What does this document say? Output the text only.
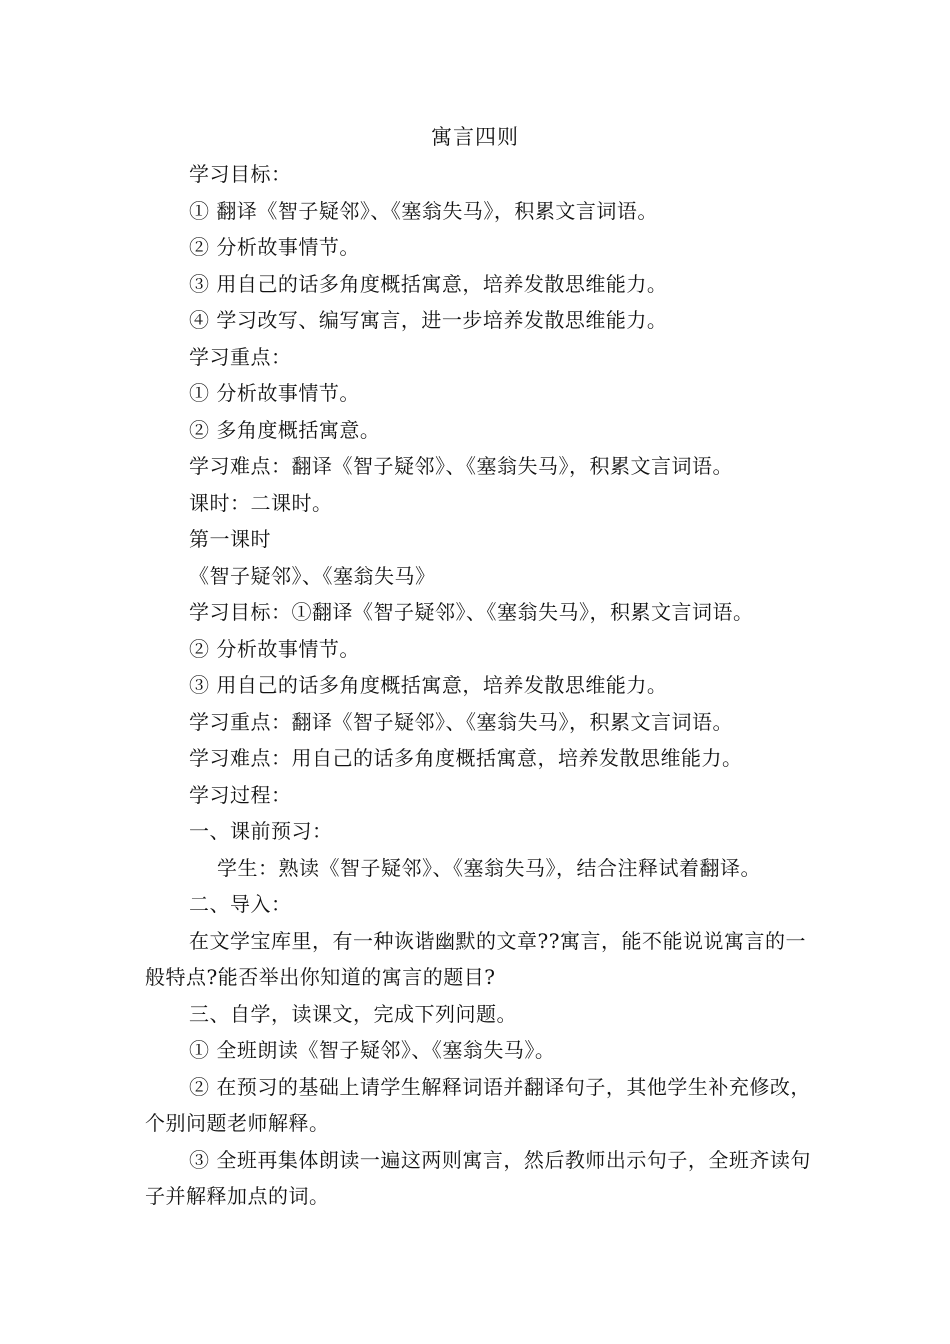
寓言四则
学习目标：
① 翻译《智子疑邻》、《塞翁失马》，积累文言词语。
② 分析故事情节。
③ 用自己的话多角度概括寓意，培养发散思维能力。
④ 学习改写、编写寓言，进一步培养发散思维能力。
学习重点：
① 分析故事情节。
② 多角度概括寓意。
学习难点：翻译《智子疑邻》、《塞翁失马》，积累文言词语。
课时：二课时。
第一课时
《智子疑邻》、《塞翁失马》
学习目标：①翻译《智子疑邻》、《塞翁失马》，积累文言词语。
② 分析故事情节。
③ 用自己的话多角度概括寓意，培养发散思维能力。
学习重点：翻译《智子疑邻》、《塞翁失马》，积累文言词语。
学习难点：用自己的话多角度概括寓意，培养发散思维能力。
学习过程：
一、课前预习：
学生：熟读《智子疑邻》、《塞翁失马》，结合注释试着翻译。
二、导入：
在文学宝库里，有一种诙谐幽默的文章??寓言，能不能说说寓言的一般特点?能否举出你知道的寓言的题目?
三、自学，读课文，完成下列问题。
① 全班朗读《智子疑邻》、《塞翁失马》。
② 在预习的基础上请学生解释词语并翻译句子，其他学生补充修改，个别问题老师解释。
③ 全班再集体朗读一遍这两则寓言，然后教师出示句子，全班齐读句子并解释加点的词。
